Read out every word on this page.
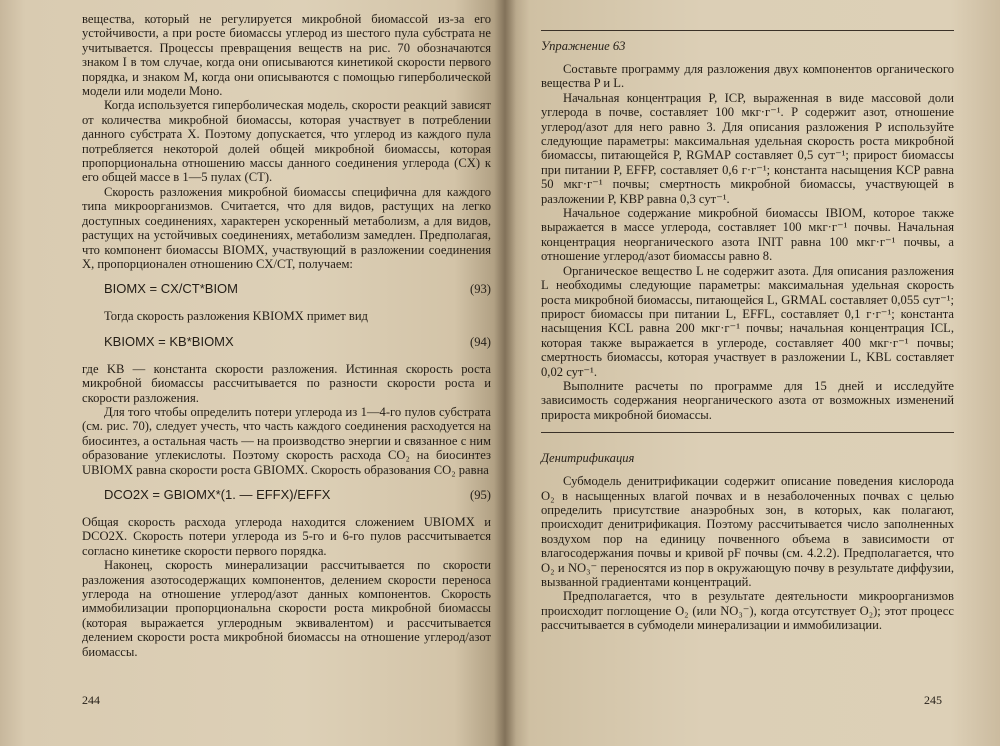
вещества, который не регулируется микробной биомассой из-за его устойчивости, а при росте биомассы углерод из шестого пула субстрата не учитывается. Процессы превращения веществ на рис. 70 обозначаются знаком I в том случае, когда они описываются кинетикой скорости первого порядка, и знаком M, когда они описываются с помощью гиперболической модели или модели Моно.

Когда используется гиперболическая модель, скорости реакций зависят от количества микробной биомассы, которая участвует в потреблении данного субстрата X. Поэтому допускается, что углерод из каждого пула потребляется некоторой долей общей микробной биомассы, которая пропорциональна отношению массы данного соединения углерода (CX) к его общей массе в 1—5 пулах (CT).

Скорость разложения микробной биомассы специфична для каждого типа микроорганизмов. Считается, что для видов, растущих на легко доступных соединениях, характерен ускоренный метаболизм, а для видов, растущих на устойчивых соединениях, метаболизм замедлен. Предполагая, что компонент биомассы BIOMX, участвующий в разложении соединения X, пропорционален отношению CX/CT, получаем:

BIOMX = CX/CT*BIOM	(93)

Тогда скорость разложения KBIOMX примет вид

KBIOMX = KB*BIOMX	(94)

где KB — константа скорости разложения. Истинная скорость роста микробной биомассы рассчитывается по разности скорости роста и скорости разложения.

Для того чтобы определить потери углерода из 1—4-го пулов субстрата (см. рис. 70), следует учесть, что часть каждого соединения расходуется на биосинтез, а остальная часть — на производство энергии и связанное с ним образование углекислоты. Поэтому скорость расхода CO₂ на биосинтез UBIOMX равна скорости роста GBIOMX. Скорость образования CO₂ равна

DCO2X = GBIOMX*(1. — EFFX)/EFFX	(95)

Общая скорость расхода углерода находится сложением UBIOMX и DCO2X. Скорость потери углерода из 5-го и 6-го пулов рассчитывается согласно кинетике скорости первого порядка.

Наконец, скорость минерализации рассчитывается по скорости разложения азотосодержащих компонентов, делением скорости переноса углерода на отношение углерод/азот данных компонентов. Скорость иммобилизации пропорциональна скорости роста микробной биомассы (которая выражается углеродным эквивалентом) и рассчитывается делением скорости роста микробной биомассы на отношение углерод/азот биомассы.

244
Упражнение 63

Составьте программу для разложения двух компонентов органического вещества P и L.

Начальная концентрация P, ICP, выраженная в виде массовой доли углерода в почве, составляет 100 мкг·г⁻¹. P содержит азот, отношение углерод/азот для него равно 3. Для описания разложения P используйте следующие параметры: максимальная удельная скорость роста микробной биомассы, питающейся P, RGMAP составляет 0,5 сут⁻¹; прирост биомассы при питании P, EFFP, составляет 0,6 г·г⁻¹; константа насыщения KCP равна 50 мкг·г⁻¹ почвы; смертность микробной биомассы, участвующей в разложении P, KBP равна 0,3 сут⁻¹.

Начальное содержание микробной биомассы IBIOM, которое также выражается в массе углерода, составляет 100 мкг·г⁻¹ почвы. Начальная концентрация неорганического азота INIT равна 100 мкг·г⁻¹ почвы, а отношение углерод/азот биомассы равно 8.

Органическое вещество L не содержит азота. Для описания разложения L необходимы следующие параметры: максимальная удельная скорость роста микробной биомассы, питающейся L, GRMAL составляет 0,055 сут⁻¹; прирост биомассы при питании L, EFFL, составляет 0,1 г·г⁻¹; константа насыщения KCL равна 200 мкг·г⁻¹ почвы; начальная концентрация ICL, которая также выражается в углероде, составляет 400 мкг·г⁻¹ почвы; смертность биомассы, которая участвует в разложении L, KBL составляет 0,02 сут⁻¹.

Выполните расчеты по программе для 15 дней и исследуйте зависимость содержания неорганического азота от возможных изменений прироста микробной биомассы.

Денитрификация

Субмодель денитрификации содержит описание поведения кислорода O₂ в насыщенных влагой почвах и в незаболоченных почвах с целью определить присутствие анаэробных зон, в которых, как полагают, происходит денитрификация. Поэтому рассчитывается число заполненных воздухом пор на единицу почвенного объема в зависимости от влагосодержания почвы и кривой pF почвы (см. 4.2.2). Предполагается, что O₂ и NO₃⁻ переносятся из пор в окружающую почву в результате диффузии, вызванной градиентами концентраций.

Предполагается, что в результате деятельности микроорганизмов происходит поглощение O₂ (или NO₃⁻), когда отсутствует O₂); этот процесс рассчитывается в субмодели минерализации и иммобилизации.

245
